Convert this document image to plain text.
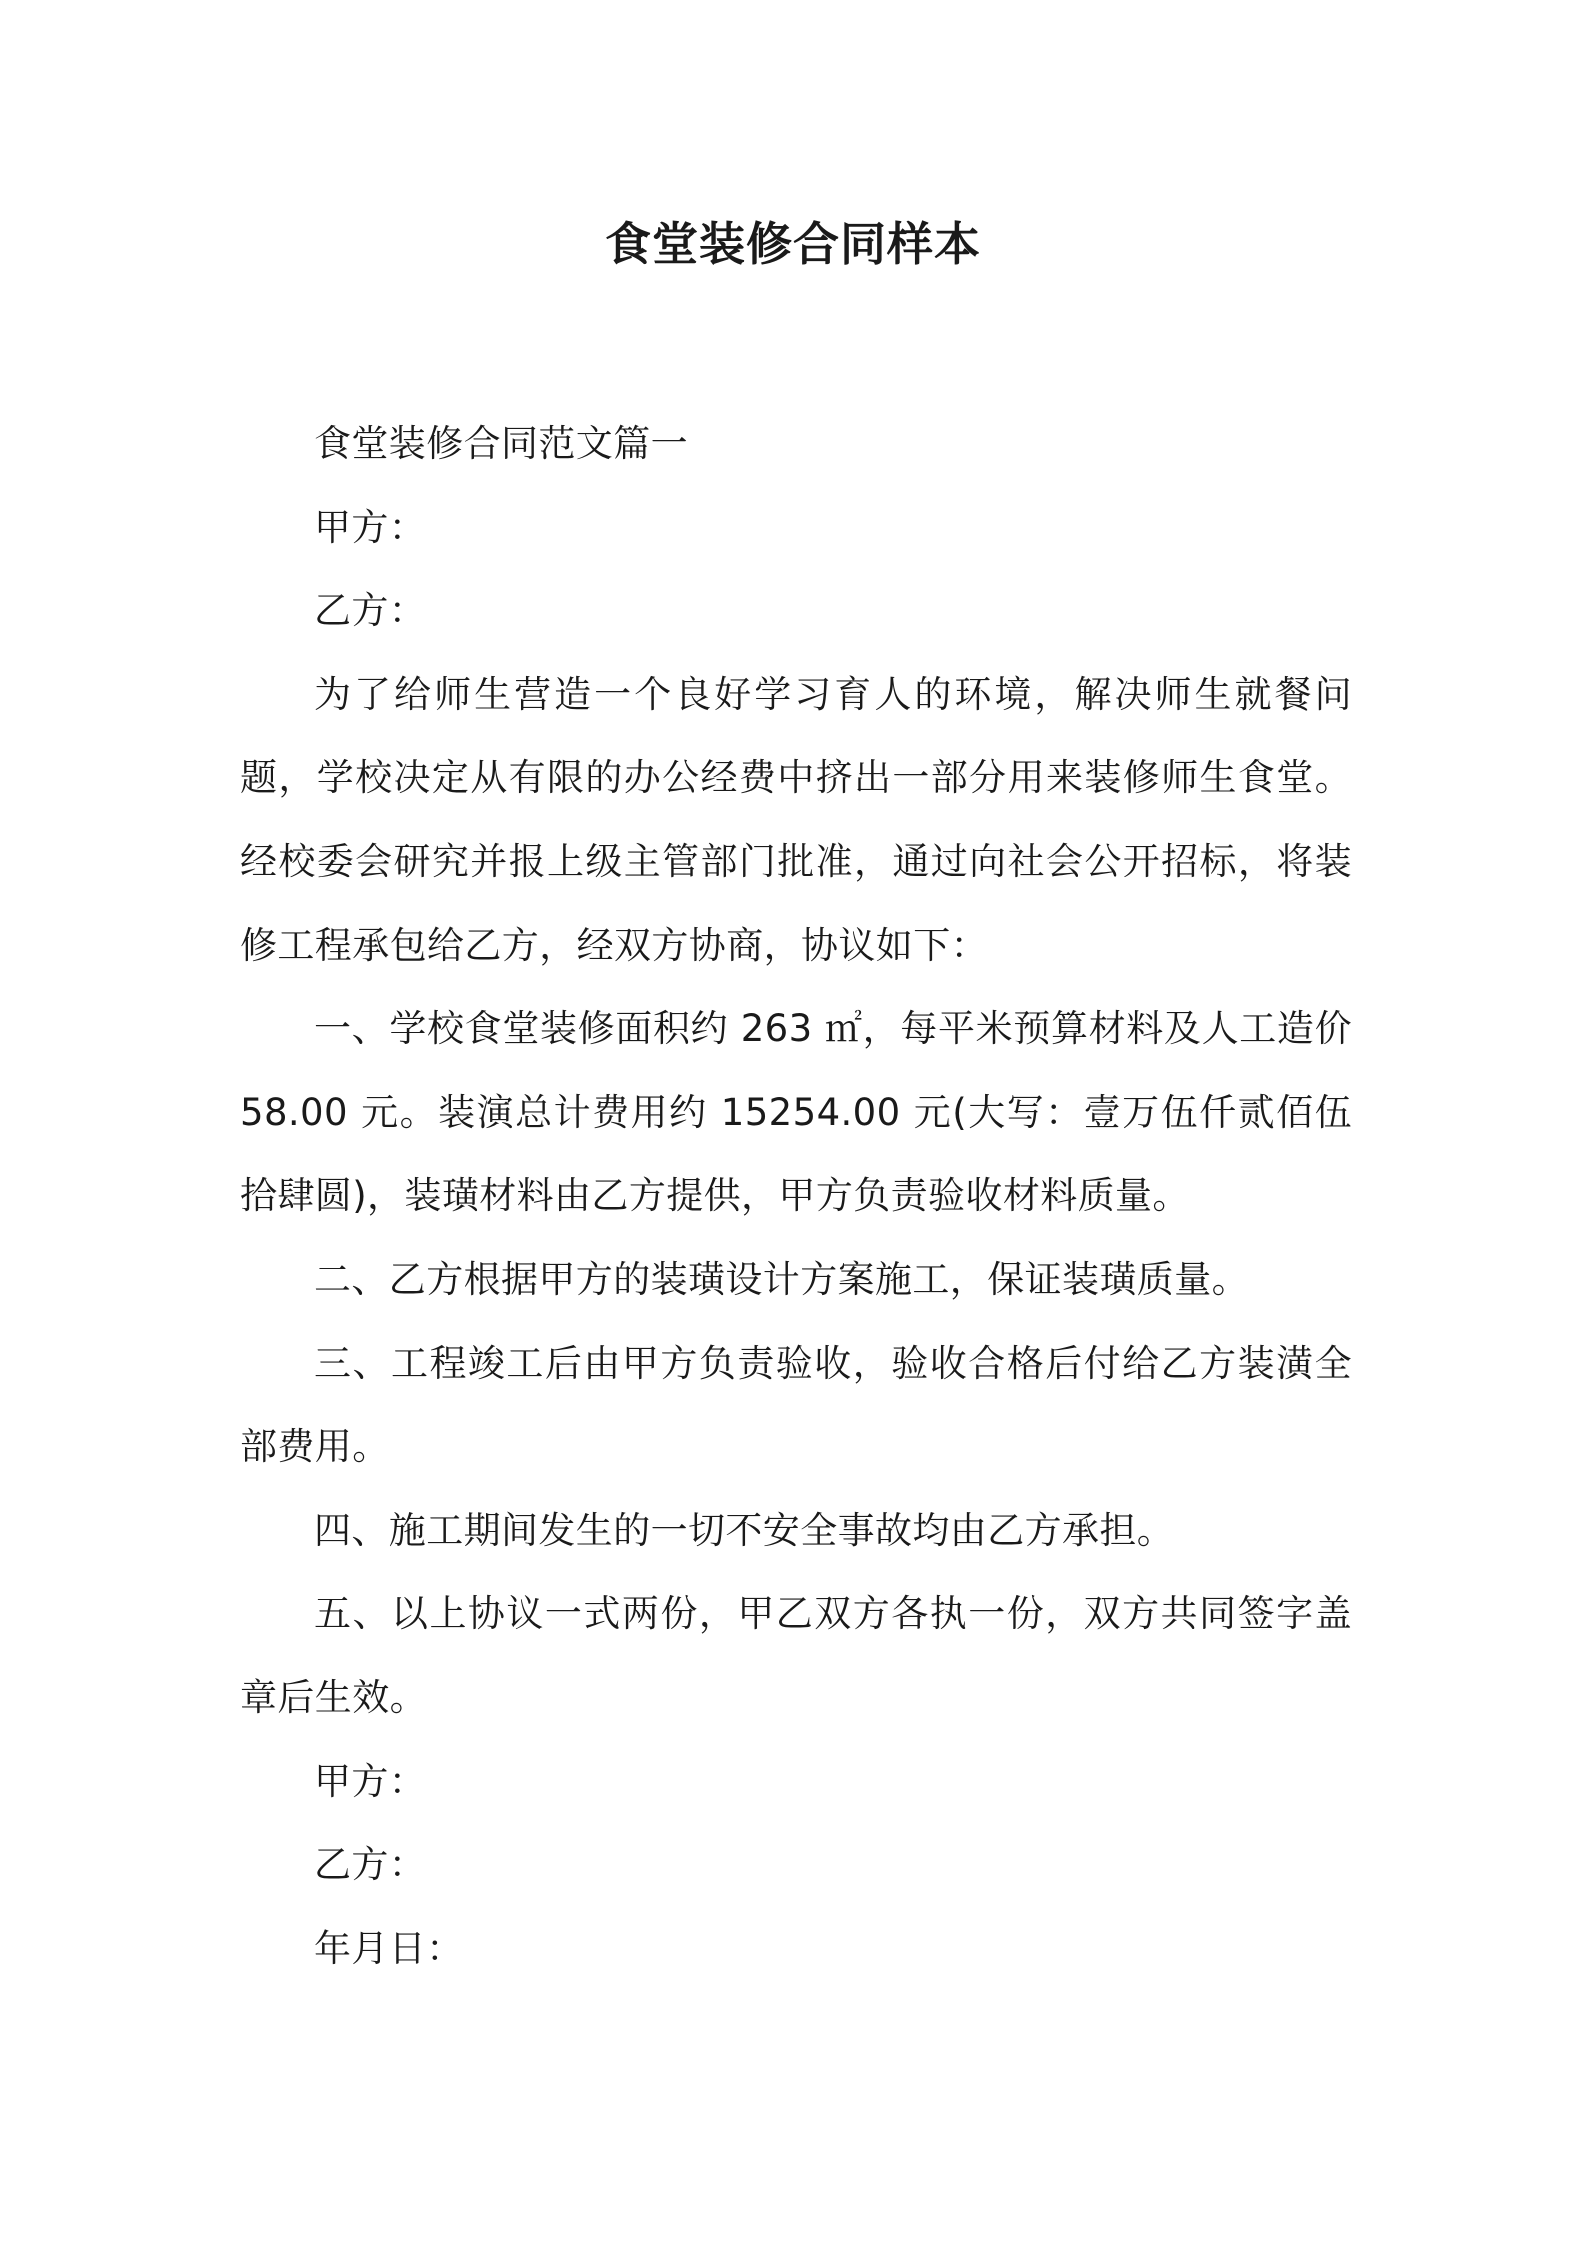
食堂装修合同样本

食堂装修合同范文篇一

甲方：

乙方：

为了给师生营造一个良好学习育人的环境，解决师生就餐问题，学校决定从有限的办公经费中挤出一部分用来装修师生食堂。经校委会研究并报上级主管部门批准，通过向社会公开招标，将装修工程承包给乙方，经双方协商，协议如下：

一、学校食堂装修面积约 263 ㎡，每平米预算材料及人工造价 58.00 元。装演总计费用约 15254.00 元(大写：壹万伍仟贰佰伍拾肆圆)，装璜材料由乙方提供，甲方负责验收材料质量。

二、乙方根据甲方的装璜设计方案施工，保证装璜质量。

三、工程竣工后由甲方负责验收，验收合格后付给乙方装潢全部费用。

四、施工期间发生的一切不安全事故均由乙方承担。

五、以上协议一式两份，甲乙双方各执一份，双方共同签字盖章后生效。

甲方：

乙方：

年月日：
